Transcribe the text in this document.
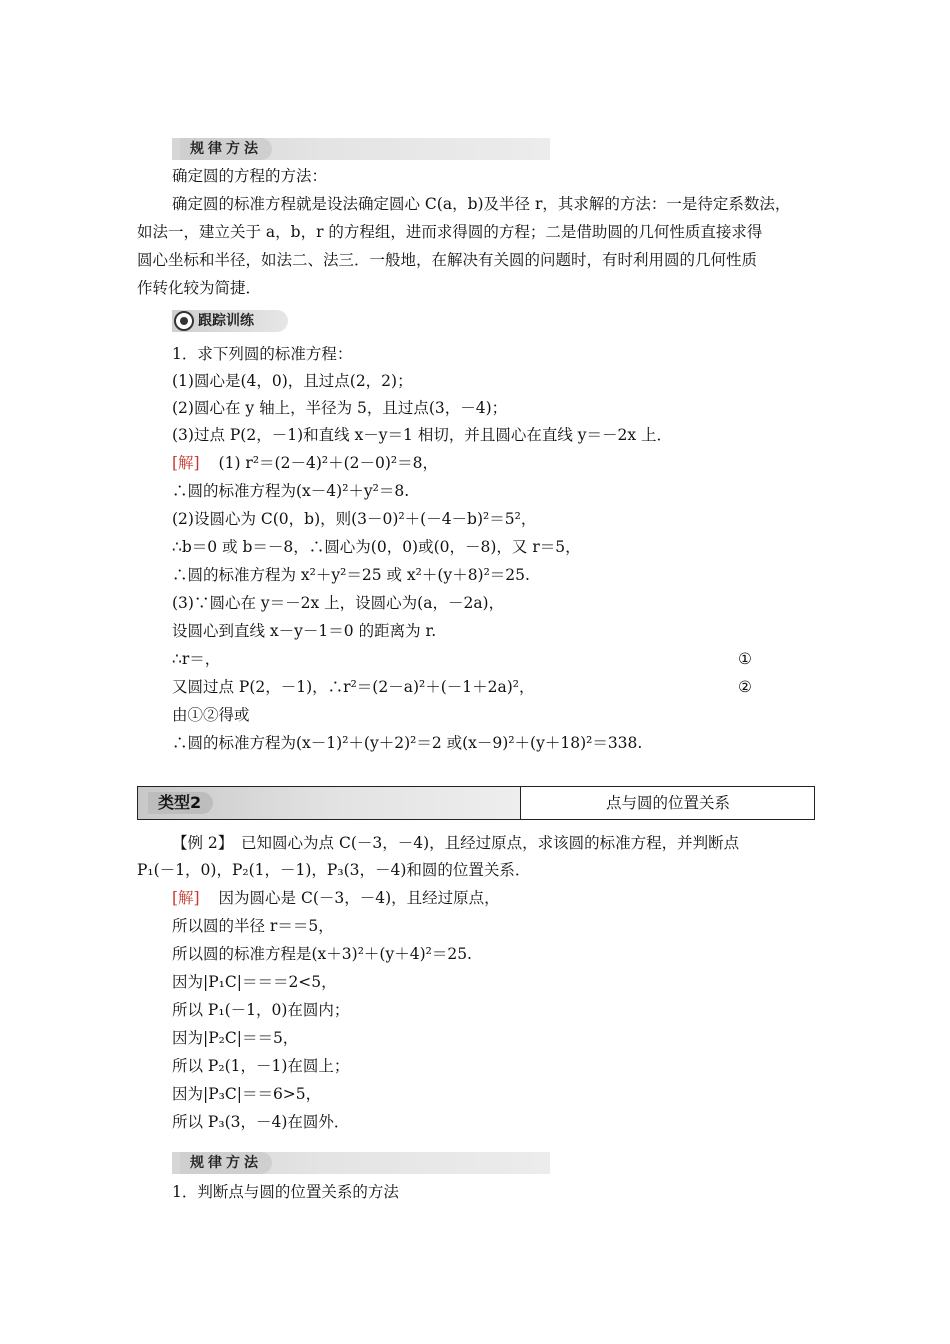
规律方法
确定圆的方程的方法：
确定圆的标准方程就是设法确定圆心 C(a，b)及半径 r，其求解的方法：一是待定系数法，
如法一，建立关于 a，b，r 的方程组，进而求得圆的方程；二是借助圆的几何性质直接求得
圆心坐标和半径，如法二、法三．一般地，在解决有关圆的问题时，有时利用圆的几何性质
作转化较为简捷．
跟踪训练
1．求下列圆的标准方程：
(1)圆心是(4，0)，且过点(2，2)；
(2)圆心在 y 轴上，半径为 5，且过点(3，－4)；
(3)过点 P(2，－1)和直线 x－y＝1 相切，并且圆心在直线 y＝－2x 上．
[解] (1) r²＝(2－4)²＋(2－0)²＝8，
∴圆的标准方程为(x－4)²＋y²＝8.
(2)设圆心为 C(0，b)，则(3－0)²＋(－4－b)²＝5²，
∴b＝0 或 b＝－8，∴圆心为(0，0)或(0，－8)，又 r＝5，
∴圆的标准方程为 x²＋y²＝25 或 x²＋(y＋8)²＝25.
(3)∵圆心在 y＝－2x 上，设圆心为(a，－2a)，
设圆心到直线 x－y－1＝0 的距离为 r.
∴r＝，	①
又圆过点 P(2，－1)，∴r²＝(2－a)²＋(－1＋2a)²，	②
由①②得或
∴圆的标准方程为(x－1)²＋(y＋2)²＝2 或(x－9)²＋(y＋18)²＝338.
类型2	点与圆的位置关系
【例 2】　已知圆心为点 C(－3，－4)，且经过原点，求该圆的标准方程，并判断点
P₁(－1，0)，P₂(1，－1)，P₃(3，－4)和圆的位置关系．
[解] 因为圆心是 C(－3，－4)，且经过原点，
所以圆的半径 r＝＝5，
所以圆的标准方程是(x＋3)²＋(y＋4)²＝25.
因为|P₁C|＝＝＝2<5，
所以 P₁(－1，0)在圆内；
因为|P₂C|＝＝5，
所以 P₂(1，－1)在圆上；
因为|P₃C|＝＝6>5，
所以 P₃(3，－4)在圆外．
规律方法
1．判断点与圆的位置关系的方法
